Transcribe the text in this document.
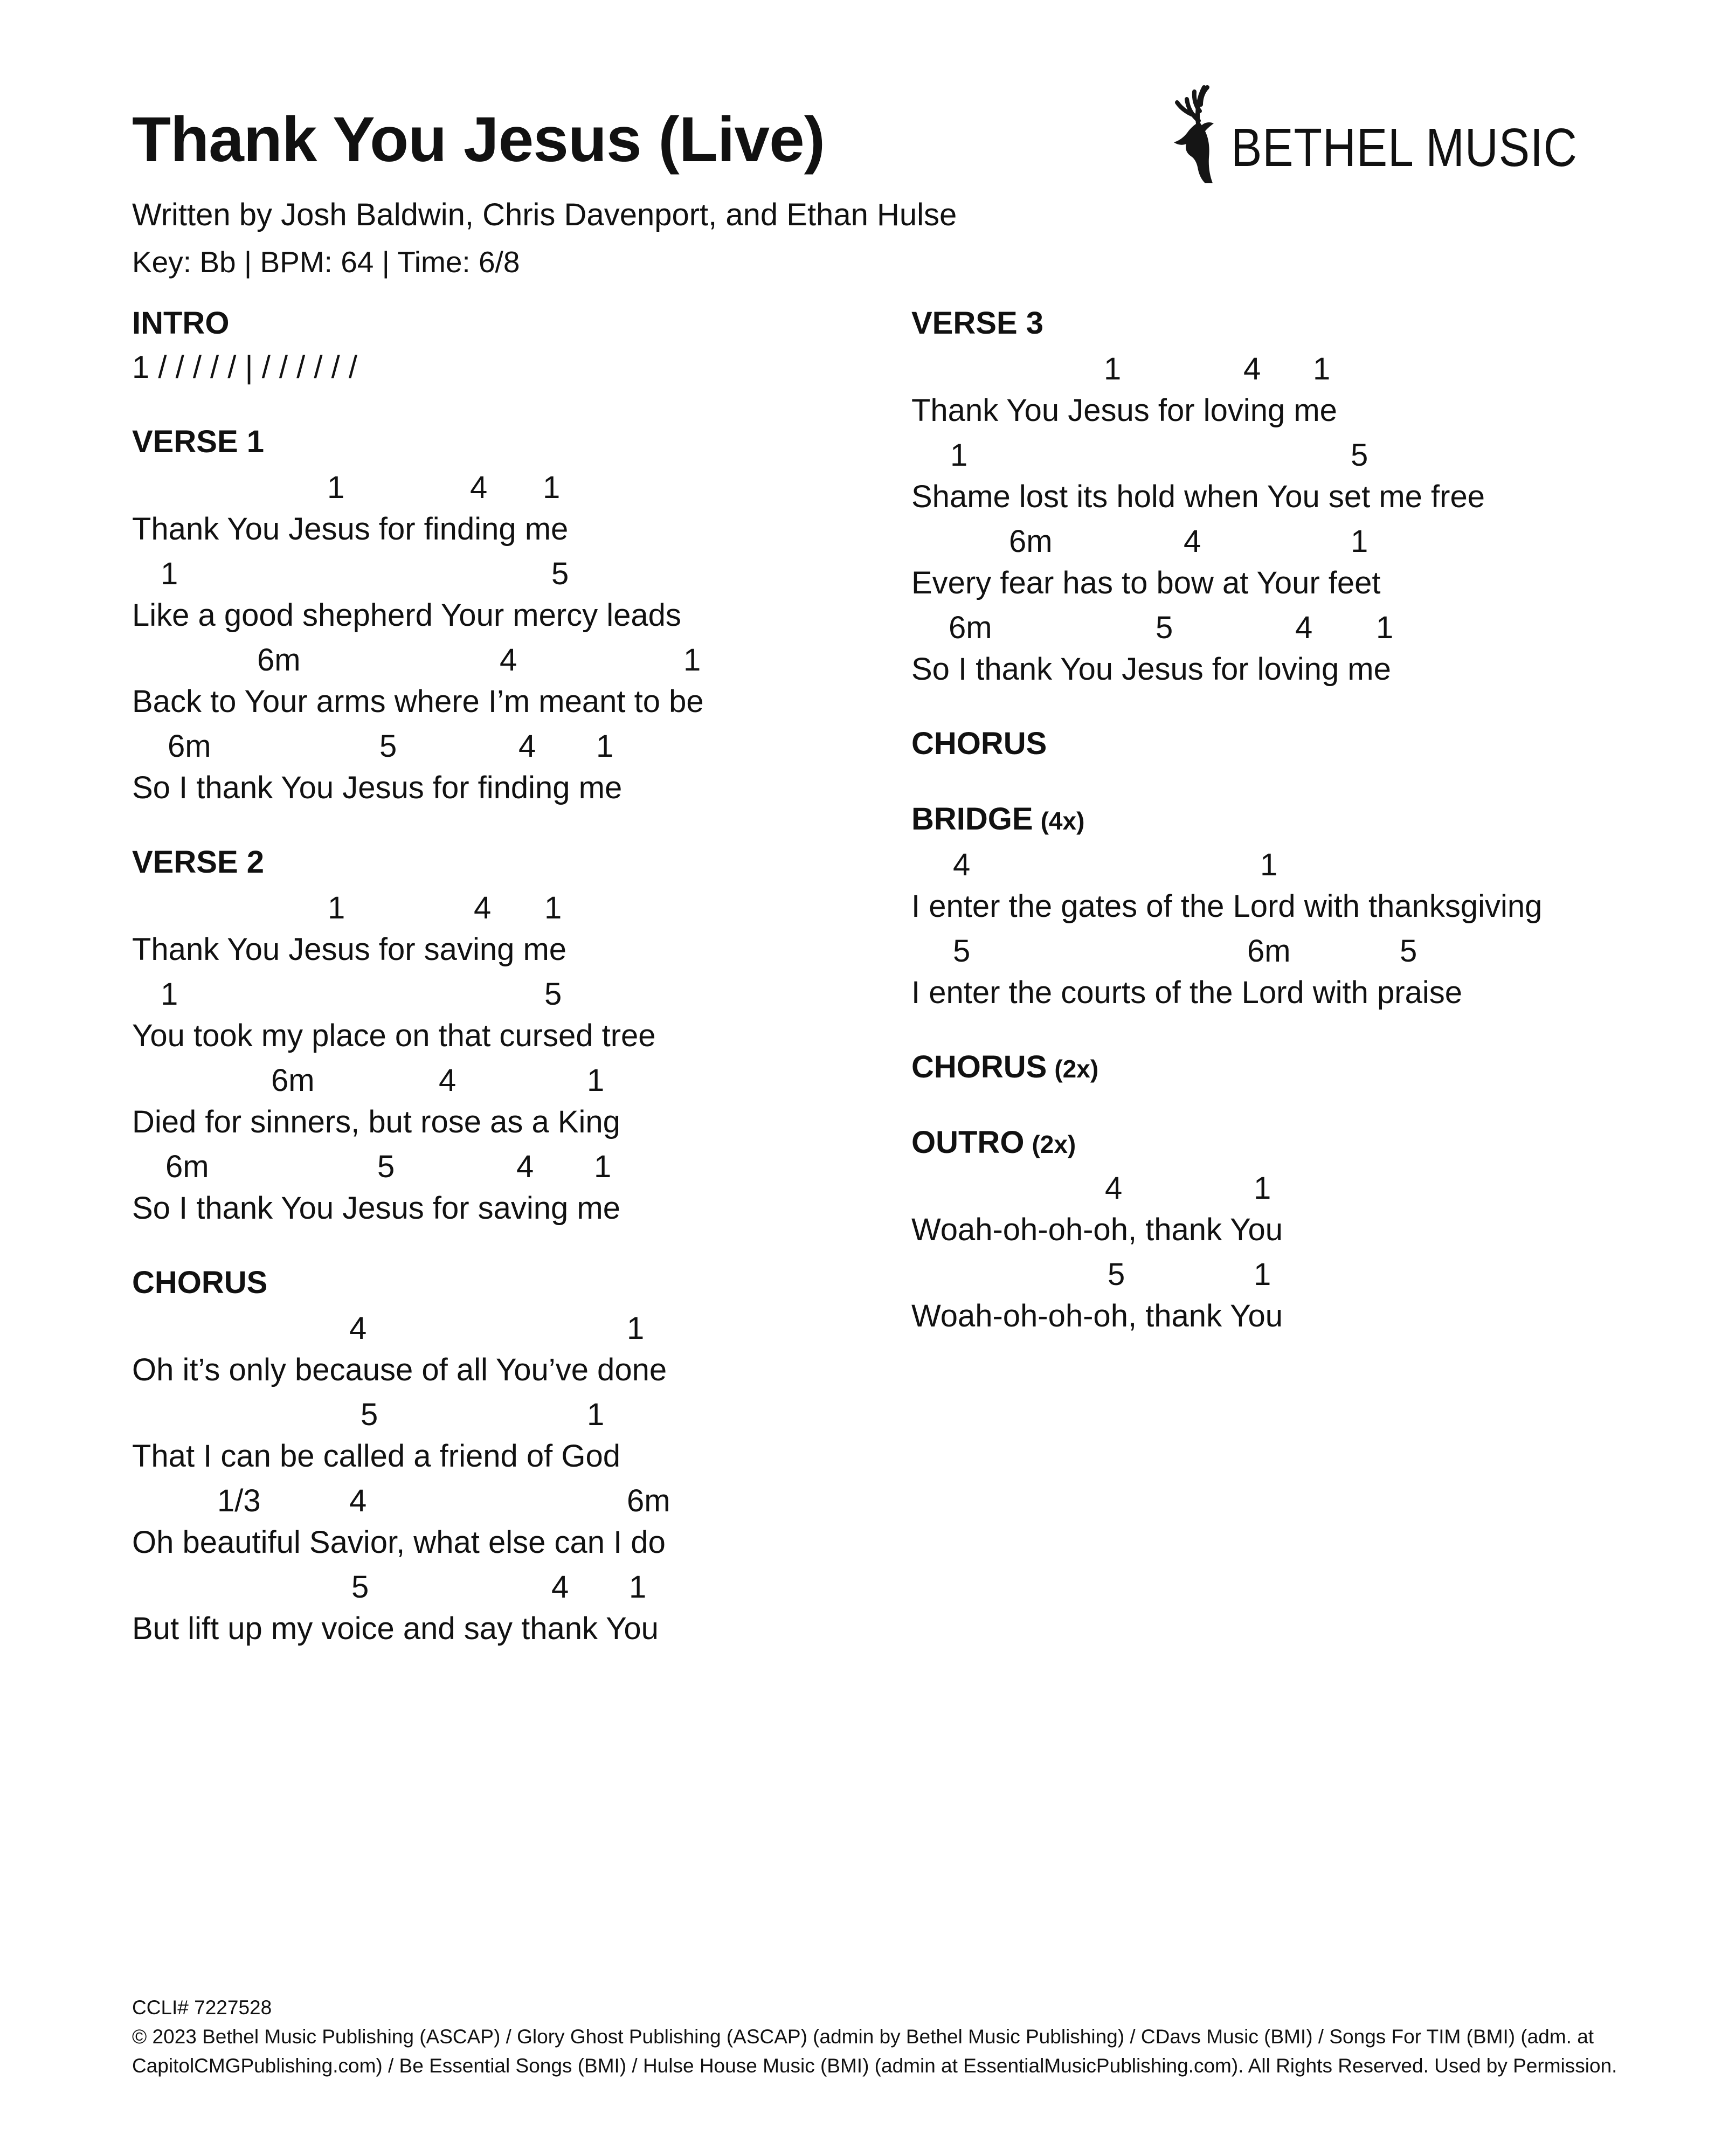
Thank You Jesus (Live)
Written by Josh Baldwin, Chris Davenport, and Ethan Hulse
Key: Bb | BPM: 64 | Time: 6/8
BETHEL MUSIC
INTRO
1 / / / / / | / / / / / /
VERSE 1
1	4 1
Thank You Jesus for finding me
1	5
Like a good shepherd Your mercy leads
6m	4	1
Back to Your arms where I’m meant to be
6m	5	4 1
So I thank You Jesus for finding me
VERSE 2
1	4 1
Thank You Jesus for saving me
1	5
You took my place on that cursed tree
6m	4	1
Died for sinners, but rose as a King
6m	5	4 1
So I thank You Jesus for saving me
CHORUS
4	1
Oh it’s only because of all You’ve done
5	1
That I can be called a friend of God
1/3	4	6m
Oh beautiful Savior, what else can I do
5	4 1
But lift up my voice and say thank You
VERSE 3
1	4 1
Thank You Jesus for loving me
1	5
Shame lost its hold when You set me free
6m	4	1
Every fear has to bow at Your feet
6m	5	4 1
So I thank You Jesus for loving me
CHORUS
BRIDGE (4x)
4	1
I enter the gates of the Lord with thanksgiving
5	6m	5
I enter the courts of the Lord with praise
CHORUS (2x)
OUTRO (2x)
4	1
Woah-oh-oh-oh, thank You
5	1
Woah-oh-oh-oh, thank You
CCLI# 7227528
© 2023 Bethel Music Publishing (ASCAP) / Glory Ghost Publishing (ASCAP) (admin by Bethel Music Publishing) / CDavs Music (BMI) / Songs For TIM (BMI) (adm. at
CapitolCMGPublishing.com) / Be Essential Songs (BMI) / Hulse House Music (BMI) (admin at EssentialMusicPublishing.com). All Rights Reserved. Used by Permission.
